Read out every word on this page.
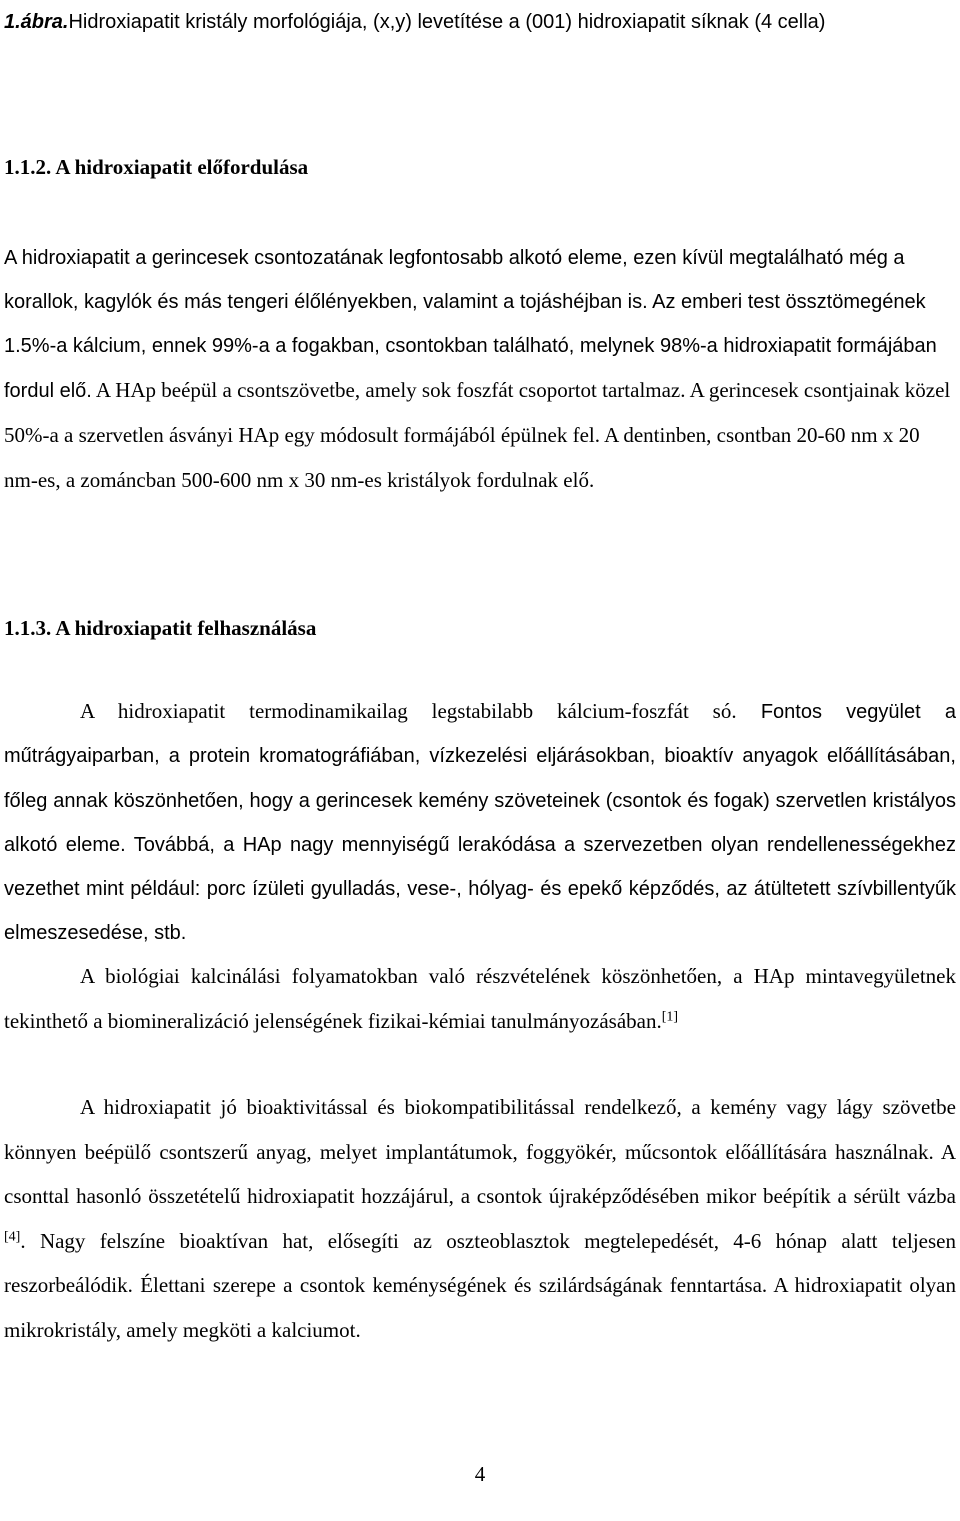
1.ábra.Hidroxiapatit kristály morfológiája, (x,y) levetítése a (001) hidroxiapatit síknak (4 cella)
1.1.2. A hidroxiapatit előfordulása
A hidroxiapatit a gerincesek csontozatának legfontosabb alkotó eleme, ezen kívül megtalálható még a korallok, kagylók és más tengeri élőlényekben, valamint a tojáshéjban is. Az emberi test össztömegének 1.5%-a kálcium, ennek 99%-a a fogakban, csontokban található, melynek 98%-a hidroxiapatit formájában fordul elő. A HAp beépül a csontszövetbe, amely sok foszfát csoportot tartalmaz. A gerincesek csontjainak közel 50%-a a szervetlen ásványi HAp egy módosult formájából épülnek fel. A dentinben, csontban 20-60 nm x 20 nm-es, a zománcban 500-600 nm x 30 nm-es kristályok fordulnak elő.
1.1.3. A hidroxiapatit felhasználása
A hidroxiapatit termodinamikailag legstabilabb kálcium-foszfát só. Fontos vegyület a műtrágyaiparban, a protein kromatográfiában, vízkezelési eljárásokban, bioaktív anyagok előállításában, főleg annak köszönhetően, hogy a gerincesek kemény szöveteinek (csontok és fogak) szervetlen kristályos alkotó eleme. Továbbá, a HAp nagy mennyiségű lerakódása a szervezetben olyan rendellenességekhez vezethet mint például: porc ízületi gyulladás, vese-, hólyag- és epekő képződés, az átültetett szívbillentyűk elmeszesedése, stb.
A biológiai kalcinálási folyamatokban való részvételének köszönhetően, a HAp mintavegyületnek tekinthető a biomineralizáció jelenségének fizikai-kémiai tanulmányozásában.[1]
A hidroxiapatit jó bioaktivitással és biokompatibilitással rendelkező, a kemény vagy lágy szövetbe könnyen beépülő csontszerű anyag, melyet implantátumok, foggyökér, műcsontok előállítására használnak. A csonttal hasonló összetételű hidroxiapatit hozzájárul, a csontok újraképződésében mikor beépítik a sérült vázba [4]. Nagy felszíne bioaktívan hat, elősegíti az oszteoblasztok megtelepedését, 4-6 hónap alatt teljesen reszorbeálódik. Élettani szerepe a csontok keménységének és szilárdságának fenntartása. A hidroxiapatit olyan mikrokristály, amely megköti a kalciumot.
4
